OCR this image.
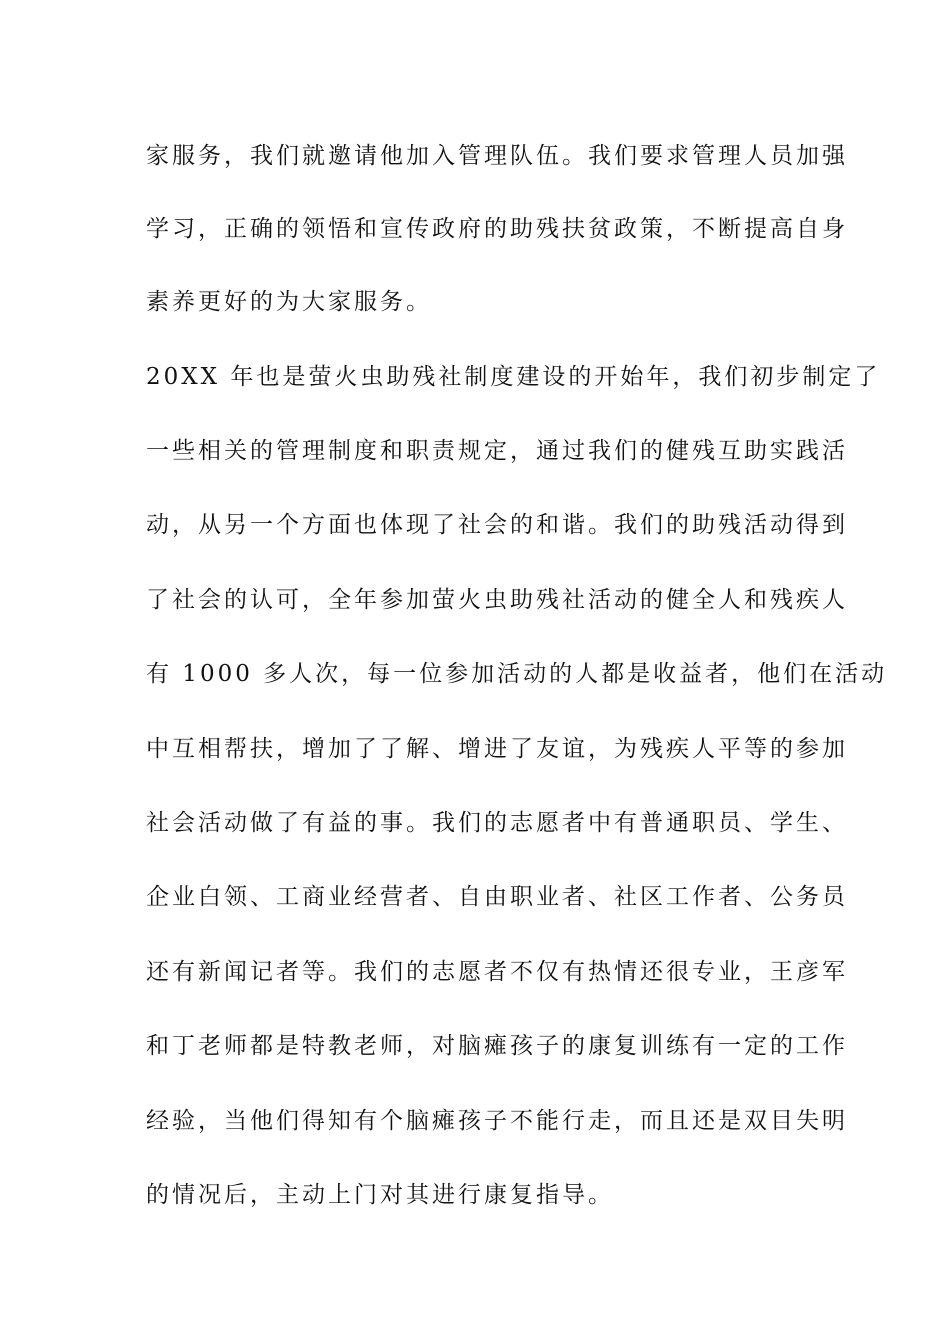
家服务，我们就邀请他加入管理队伍。我们要求管理人员加强
学习，正确的领悟和宣传政府的助残扶贫政策，不断提高自身
素养更好的为大家服务。
20XX 年也是萤火虫助残社制度建设的开始年，我们初步制定了
一些相关的管理制度和职责规定，通过我们的健残互助实践活
动，从另一个方面也体现了社会的和谐。我们的助残活动得到
了社会的认可，全年参加萤火虫助残社活动的健全人和残疾人
有 1000 多人次，每一位参加活动的人都是收益者，他们在活动
中互相帮扶，增加了了解、增进了友谊，为残疾人平等的参加
社会活动做了有益的事。我们的志愿者中有普通职员、学生、
企业白领、工商业经营者、自由职业者、社区工作者、公务员
还有新闻记者等。我们的志愿者不仅有热情还很专业，王彦军
和丁老师都是特教老师，对脑瘫孩子的康复训练有一定的工作
经验，当他们得知有个脑瘫孩子不能行走，而且还是双目失明
的情况后，主动上门对其进行康复指导。
